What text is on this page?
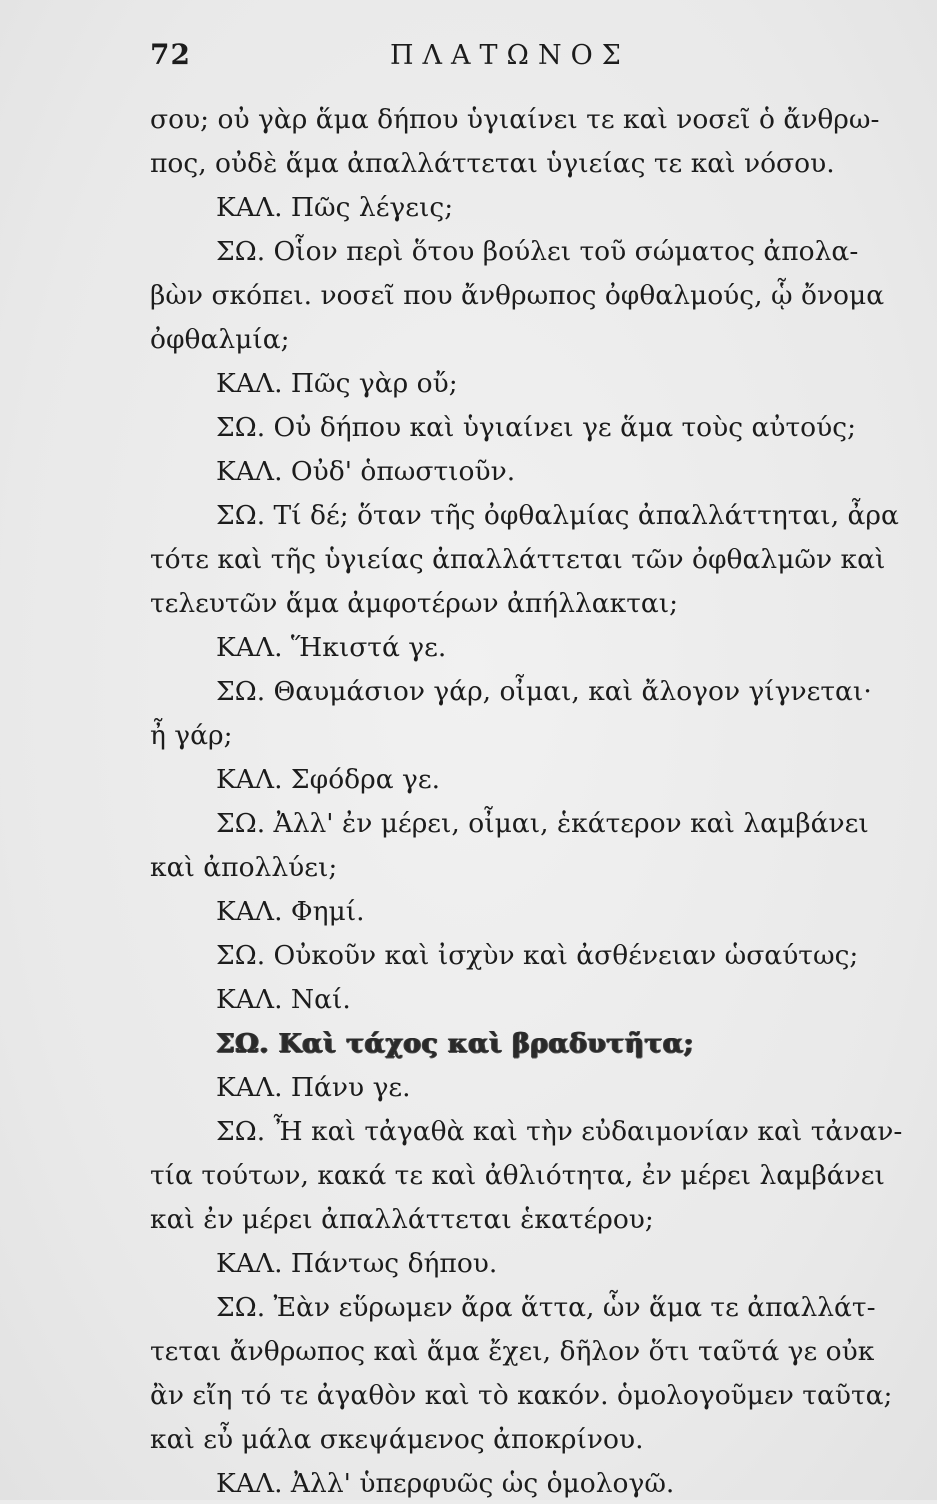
72	ΠΛΑΤΩΝΟΣ
σου; οὐ γὰρ ἅμα δήπου ὑγιαίνει τε καὶ νοσεῖ ὁ ἄνθρω-
πος, οὐδὲ ἅμα ἀπαλλάττεται ὑγιείας τε καὶ νόσου.
ΚΑΛ. Πῶς λέγεις;
ΣΩ. Οἷον περὶ ὅτου βούλει τοῦ σώματος ἀπολα-
βὼν σκόπει. νοσεῖ που ἄνθρωπος ὀφθαλμούς, ᾧ ὄνομα
ὀφθαλμία;
ΚΑΛ. Πῶς γὰρ οὔ;
ΣΩ. Οὐ δήπου καὶ ὑγιαίνει γε ἅμα τοὺς αὐτούς;
ΚΑΛ. Οὐδ' ὁπωστιοῦν.
ΣΩ. Τί δέ; ὅταν τῆς ὀφθαλμίας ἀπαλλάττηται, ἆρα
τότε καὶ τῆς ὑγιείας ἀπαλλάττεται τῶν ὀφθαλμῶν καὶ
τελευτῶν ἅμα ἀμφοτέρων ἀπήλλακται;
ΚΑΛ. Ἥκιστά γε.
ΣΩ. Θαυμάσιον γάρ, οἶμαι, καὶ ἄλογον γίγνεται·
ἦ γάρ;
ΚΑΛ. Σφόδρα γε.
ΣΩ. Ἀλλ' ἐν μέρει, οἶμαι, ἑκάτερον καὶ λαμβάνει
καὶ ἀπολλύει;
ΚΑΛ. Φημί.
ΣΩ. Οὐκοῦν καὶ ἰσχὺν καὶ ἀσθένειαν ὡσαύτως;
ΚΑΛ. Ναί.
ΣΩ. Καὶ τάχος καὶ βραδυτῆτα;
ΚΑΛ. Πάνυ γε.
ΣΩ. Ἦ καὶ τἀγαθὰ καὶ τὴν εὐδαιμονίαν καὶ τἀναν-
τία τούτων, κακά τε καὶ ἀθλιότητα, ἐν μέρει λαμβάνει
καὶ ἐν μέρει ἀπαλλάττεται ἑκατέρου;
ΚΑΛ. Πάντως δήπου.
ΣΩ. Ἐὰν εὕρωμεν ἄρα ἅττα, ὧν ἅμα τε ἀπαλλάτ-
τεται ἄνθρωπος καὶ ἅμα ἔχει, δῆλον ὅτι ταῦτά γε οὐκ
ἂν εἴη τό τε ἀγαθὸν καὶ τὸ κακόν. ὁμολογοῦμεν ταῦτα;
καὶ εὖ μάλα σκεψάμενος ἀποκρίνου.
ΚΑΛ. Ἀλλ' ὑπερφυῶς ὡς ὁμολογῶ.
